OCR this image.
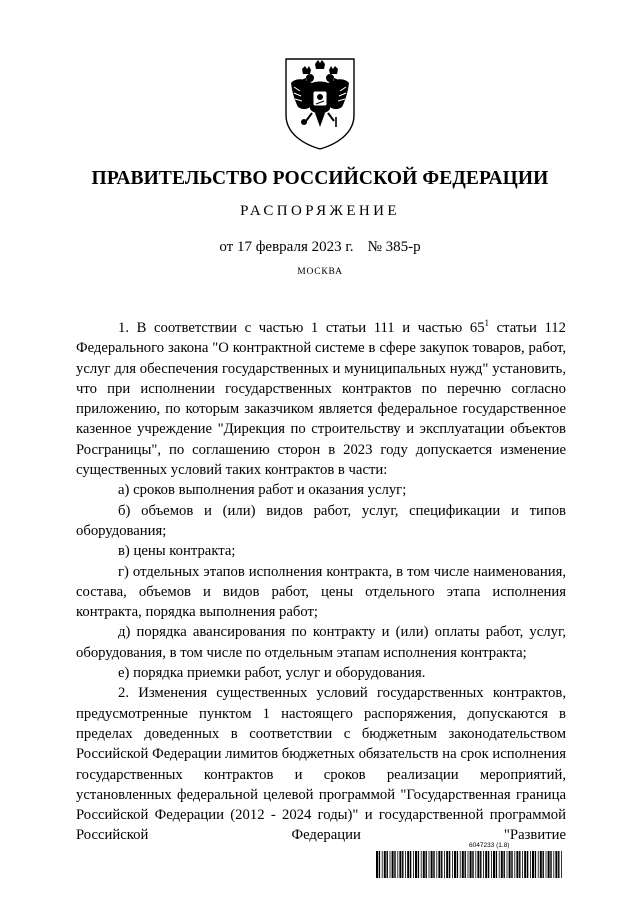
ПРАВИТЕЛЬСТВО РОССИЙСКОЙ ФЕДЕРАЦИИ
РАСПОРЯЖЕНИЕ
от 17 февраля 2023 г. № 385-р
МОСКВА

1. В соответствии с частью 1 статьи 111 и частью $65^1$ статьи 112 Федерального закона "О контрактной системе в сфере закупок товаров, работ, услуг для обеспечения государственных и муниципальных нужд" установить, что при исполнении государственных контрактов по перечню согласно приложению, по которым заказчиком является федеральное государственное казенное учреждение "Дирекция по строительству и эксплуатации объектов Росграницы", по соглашению сторон в 2023 году допускается изменение существенных условий таких контрактов в части:

а) сроков выполнения работ и оказания услуг;

б) объемов и (или) видов работ, услуг, спецификации и типов оборудования;

в) цены контракта;

г) отдельных этапов исполнения контракта, в том числе наименования, состава, объемов и видов работ, цены отдельного этапа исполнения контракта, порядка выполнения работ;

д) порядка авансирования по контракту и (или) оплаты работ, услуг, оборудования, в том числе по отдельным этапам исполнения контракта;

е) порядка приемки работ, услуг и оборудования.

2. Изменения существенных условий государственных контрактов, предусмотренные пунктом 1 настоящего распоряжения, допускаются в пределах доведенных в соответствии с бюджетным законодательством Российской Федерации лимитов бюджетных обязательств на срок исполнения государственных контрактов и сроков реализации мероприятий, установленных федеральной целевой программой "Государственная граница Российской Федерации (2012 - 2024 годы)" и государственной программой Российской Федерации "Развитие

6047233 (1.8)
